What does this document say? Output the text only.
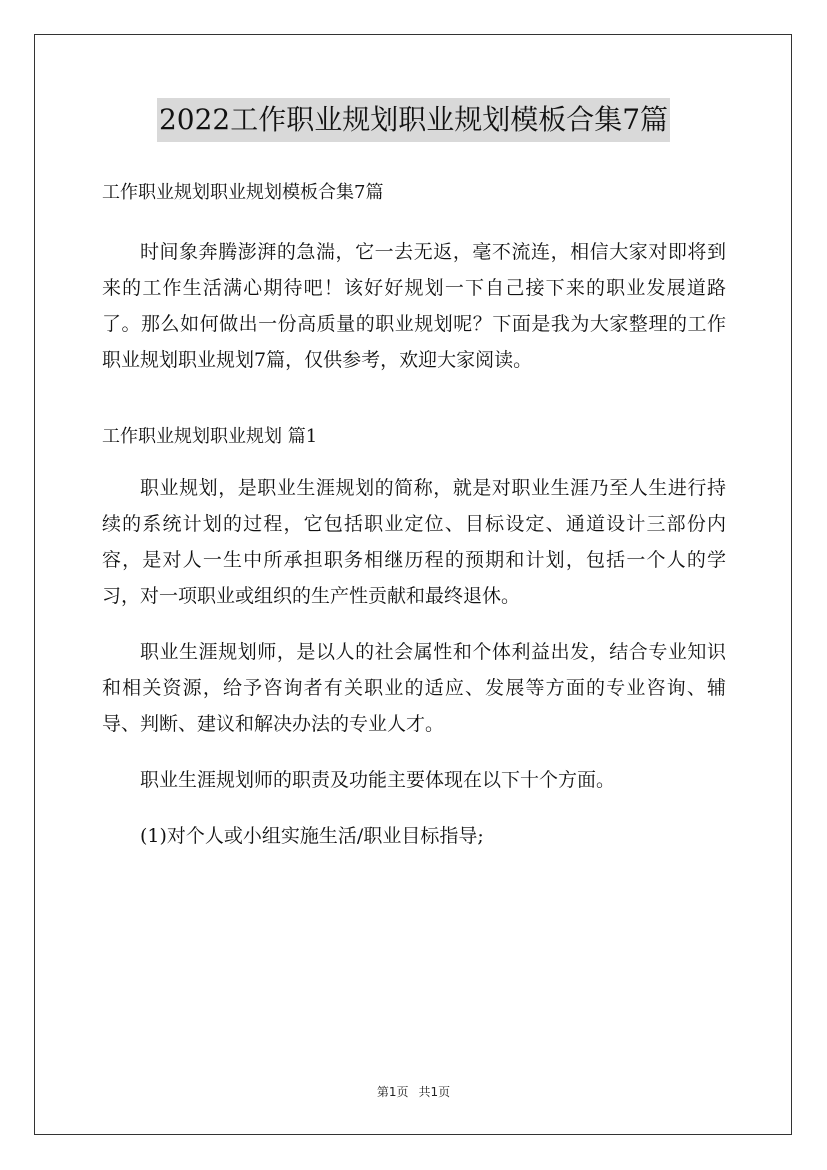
2022工作职业规划职业规划模板合集7篇
工作职业规划职业规划模板合集7篇

时间象奔腾澎湃的急湍，它一去无返，毫不流连，相信大家对即将到来的工作生活满心期待吧！该好好规划一下自己接下来的职业发展道路了。那么如何做出一份高质量的职业规划呢？下面是我为大家整理的工作职业规划职业规划7篇，仅供参考，欢迎大家阅读。

工作职业规划职业规划 篇1

职业规划，是职业生涯规划的简称，就是对职业生涯乃至人生进行持续的系统计划的过程，它包括职业定位、目标设定、通道设计三部份内容，是对人一生中所承担职务相继历程的预期和计划，包括一个人的学习，对一项职业或组织的生产性贡献和最终退休。

职业生涯规划师，是以人的社会属性和个体利益出发，结合专业知识和相关资源，给予咨询者有关职业的适应、发展等方面的专业咨询、辅导、判断、建议和解决办法的专业人才。

职业生涯规划师的职责及功能主要体现在以下十个方面。

(1)对个人或小组实施生活/职业目标指导;

第1页 共1页
